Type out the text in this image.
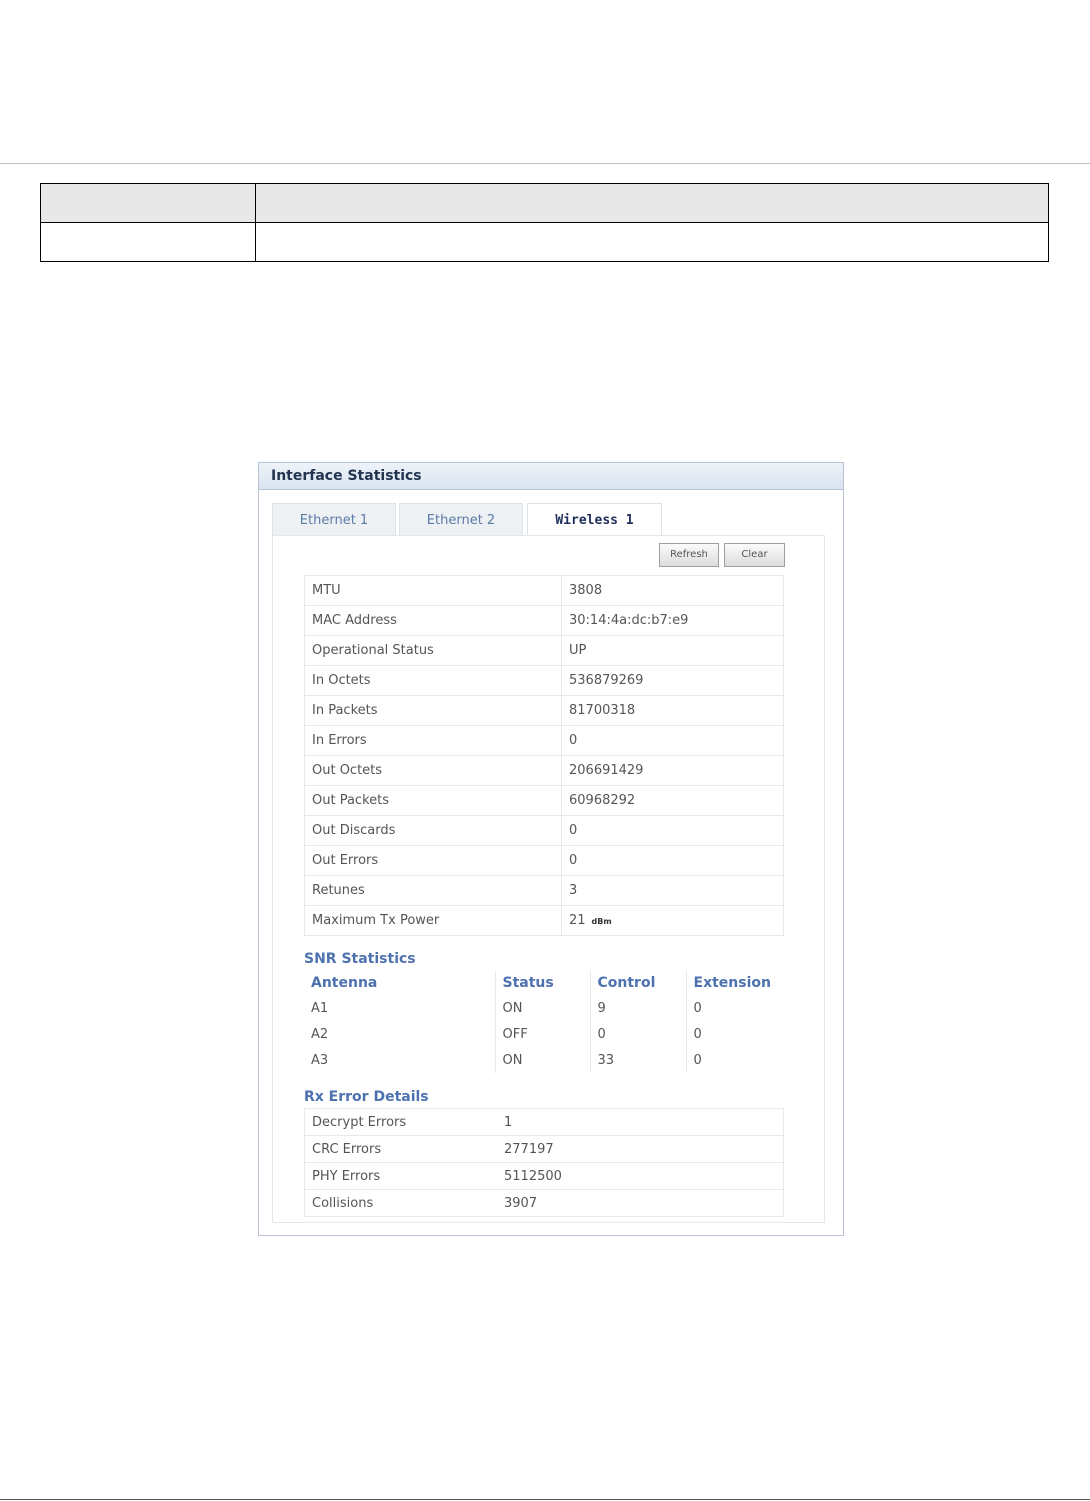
Interface Statistics
Ethernet 1	Ethernet 2	Wireless 1
Refresh	Clear
MTU	3808
MAC Address	30:14:4a:dc:b7:e9
Operational Status	UP
In Octets	536879269
In Packets	81700318
In Errors	0
Out Octets	206691429
Out Packets	60968292
Out Discards	0
Out Errors	0
Retunes	3
Maximum Tx Power	21 dBm
SNR Statistics
Antenna	Status	Control	Extension
A1	ON	9	0
A2	OFF	0	0
A3	ON	33	0
Rx Error Details
Decrypt Errors	1
CRC Errors	277197
PHY Errors	5112500
Collisions	3907
